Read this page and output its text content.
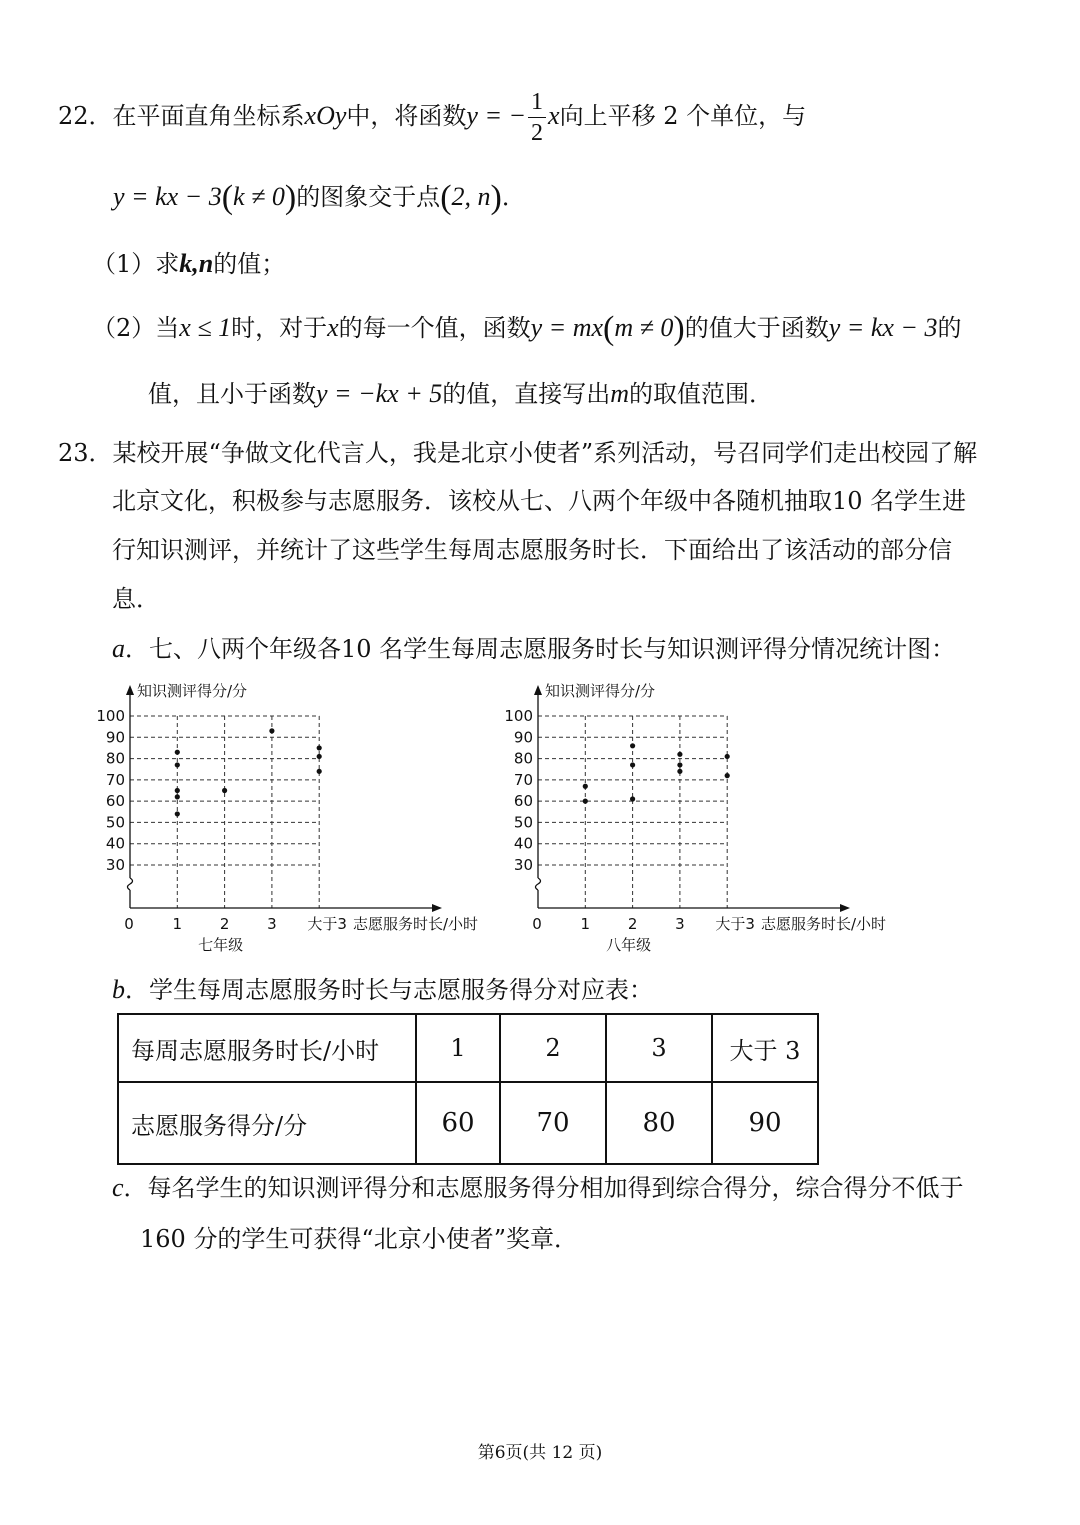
22．在平面直角坐标系xOy中，将函数y = − $\frac{1}{2}$ x向上平移 2 个单位，与
y = kx − 3(k ≠ 0)的图象交于点(2, n)．
（1）求k,n的值；
（2）当x ≤ 1时，对于x的每一个值，函数y = mx(m ≠ 0)的值大于函数y = kx − 3的
值，且小于函数y = −kx + 5的值，直接写出m的取值范围．
23．某校开展“争做文化代言人，我是北京小使者”系列活动，号召同学们走出校园了解
北京文化，积极参与志愿服务．该校从七、八两个年级中各随机抽取10 名学生进
行知识测评，并统计了这些学生每周志愿服务时长．下面给出了该活动的部分信
息．
a．七、八两个年级各10 名学生每周志愿服务时长与知识测评得分情况统计图：
30
40
50
60
70
80
90
100
1	2	3 大于3
知识测评得分/分
志愿服务时长/小时
0
七年级
30
40
50
60
70
80
90
100
1	2	3 大于3
知识测评得分/分
志愿服务时长/小时
0
八年级
b．学生每周志愿服务时长与志愿服务得分对应表：
每周志愿服务时长/小时	1	2	3	大于 3
志愿服务得分/分	60	70	80	90
c．每名学生的知识测评得分和志愿服务得分相加得到综合得分，综合得分不低于
160 分的学生可获得“北京小使者”奖章．
第6页(共 12 页)
